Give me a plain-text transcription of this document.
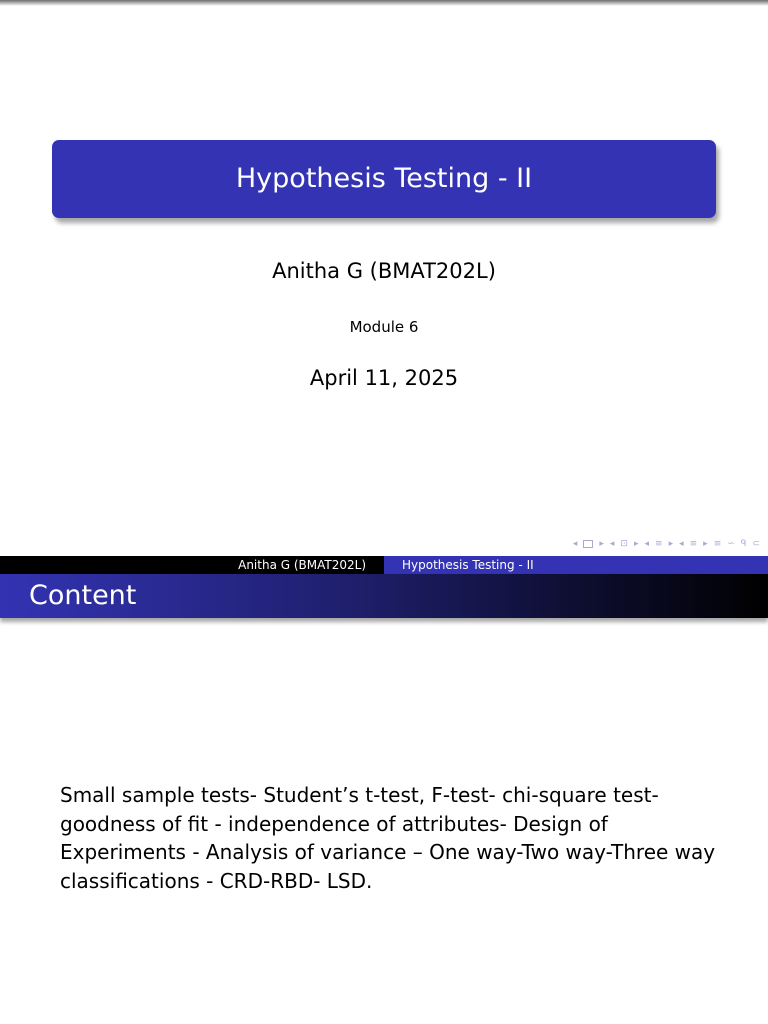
Hypothesis Testing - II
Anitha G (BMAT202L)
Module 6
April 11, 2025
◂ ▸ ◂ ⊡ ▸ ◂ ≡ ▸ ◂ ≡ ▸ ≡ ∽ ᑫ ⊂
Anitha G (BMAT202L)	Hypothesis Testing - II
Content
Small sample tests- Student’s t-test, F-test- chi-square test- goodness of fit - independence of attributes- Design of Experiments - Analysis of variance – One way-Two way-Three way classifications - CRD-RBD- LSD.
